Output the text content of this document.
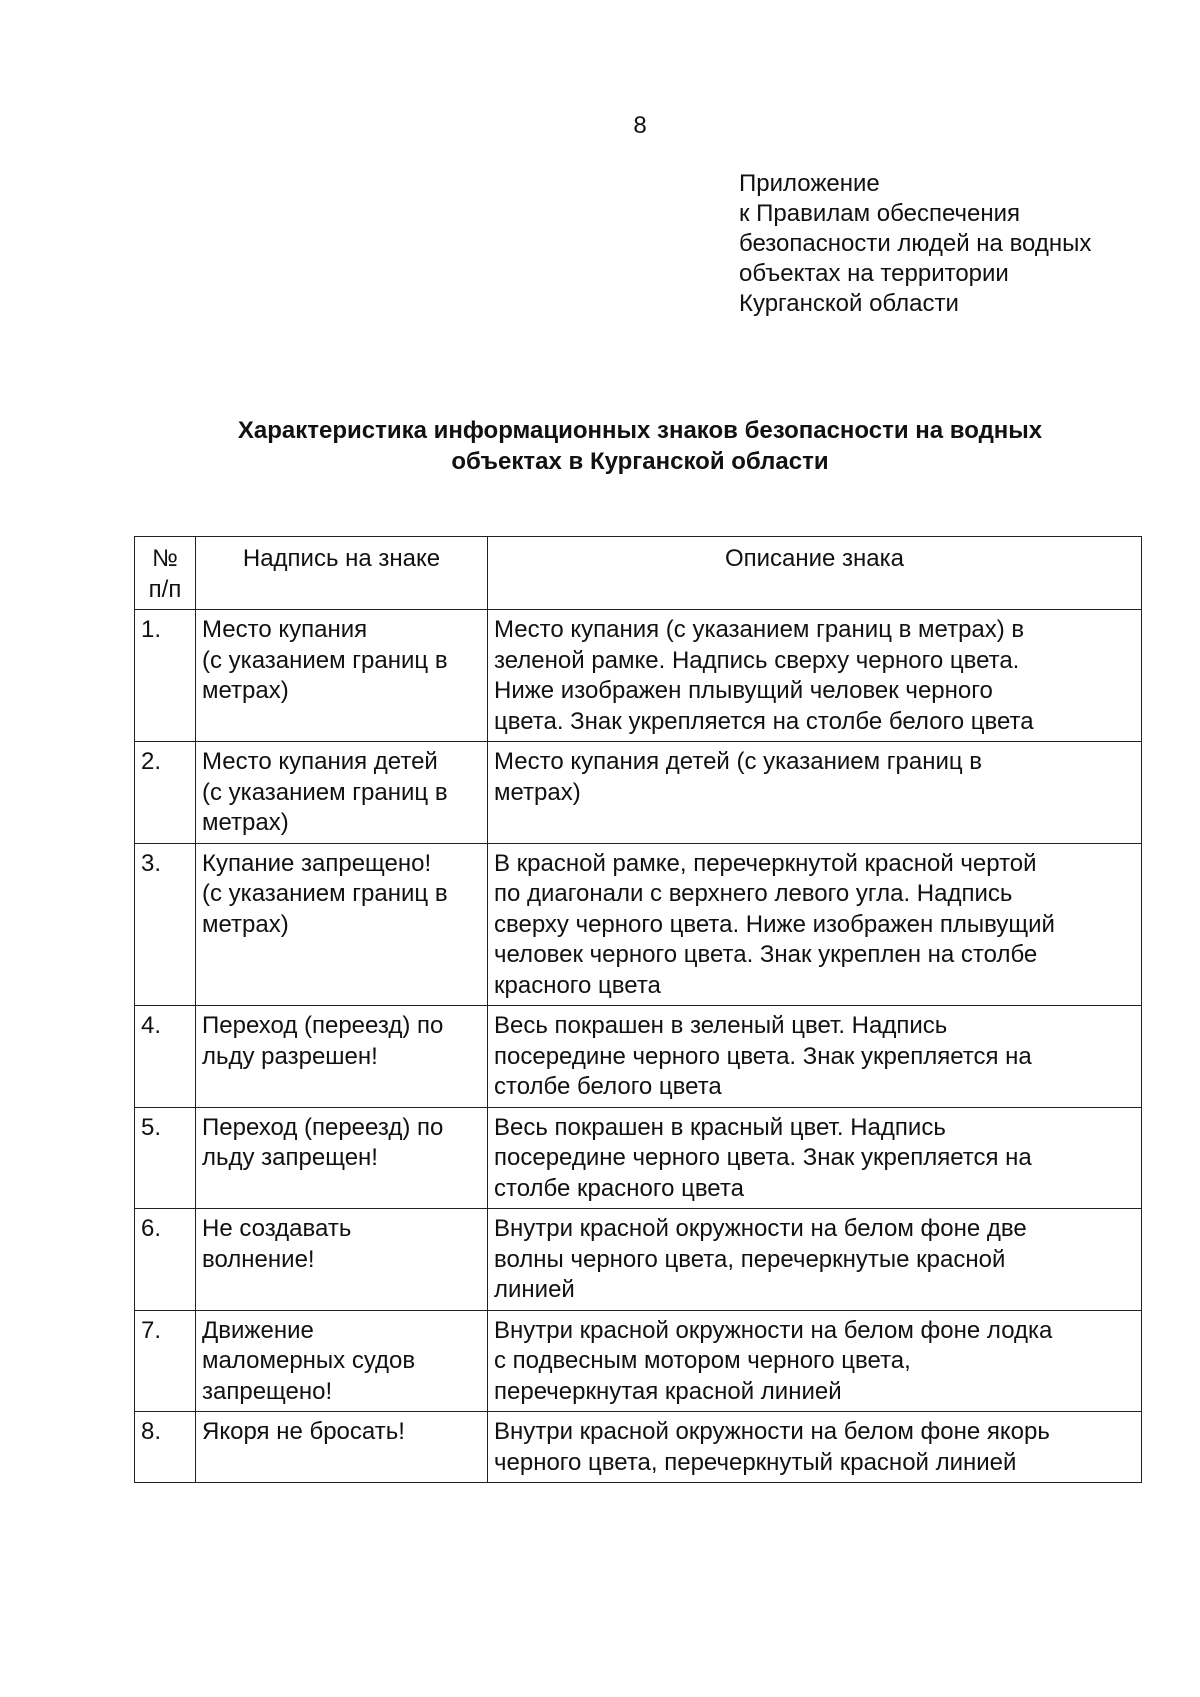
8
Приложение
к Правилам обеспечения
безопасности людей на водных
объектах на территории
Курганской области
Характеристика информационных знаков безопасности на водных
объектах в Курганской области
№
п/п	Надпись на знаке	Описание знака
1.	Место купания
(с указанием границ в
метрах)	Место купания (с указанием границ в метрах) в
зеленой рамке. Надпись сверху черного цвета.
Ниже изображен плывущий человек черного
цвета. Знак укрепляется на столбе белого цвета

2.	Место купания детей
(с указанием границ в
метрах)	Место купания детей (с указанием границ в
метрах)

3.	Купание запрещено!
(с указанием границ в
метрах)	В красной рамке, перечеркнутой красной чертой
по диагонали с верхнего левого угла. Надпись
сверху черного цвета. Ниже изображен плывущий
человек черного цвета. Знак укреплен на столбе
красного цвета

4.	Переход (переезд) по
льду разрешен!	Весь покрашен в зеленый цвет. Надпись
посередине черного цвета. Знак укрепляется на
столбе белого цвета

5.	Переход (переезд) по
льду запрещен!	Весь покрашен в красный цвет. Надпись
посередине черного цвета. Знак укрепляется на
столбе красного цвета

6.	Не создавать
волнение!	Внутри красной окружности на белом фоне две
волны черного цвета, перечеркнутые красной
линией

7.	Движение
маломерных судов
запрещено!	Внутри красной окружности на белом фоне лодка
с подвесным мотором черного цвета,
перечеркнутая красной линией

8.	Якоря не бросать!	Внутри красной окружности на белом фоне якорь
черного цвета, перечеркнутый красной линией
